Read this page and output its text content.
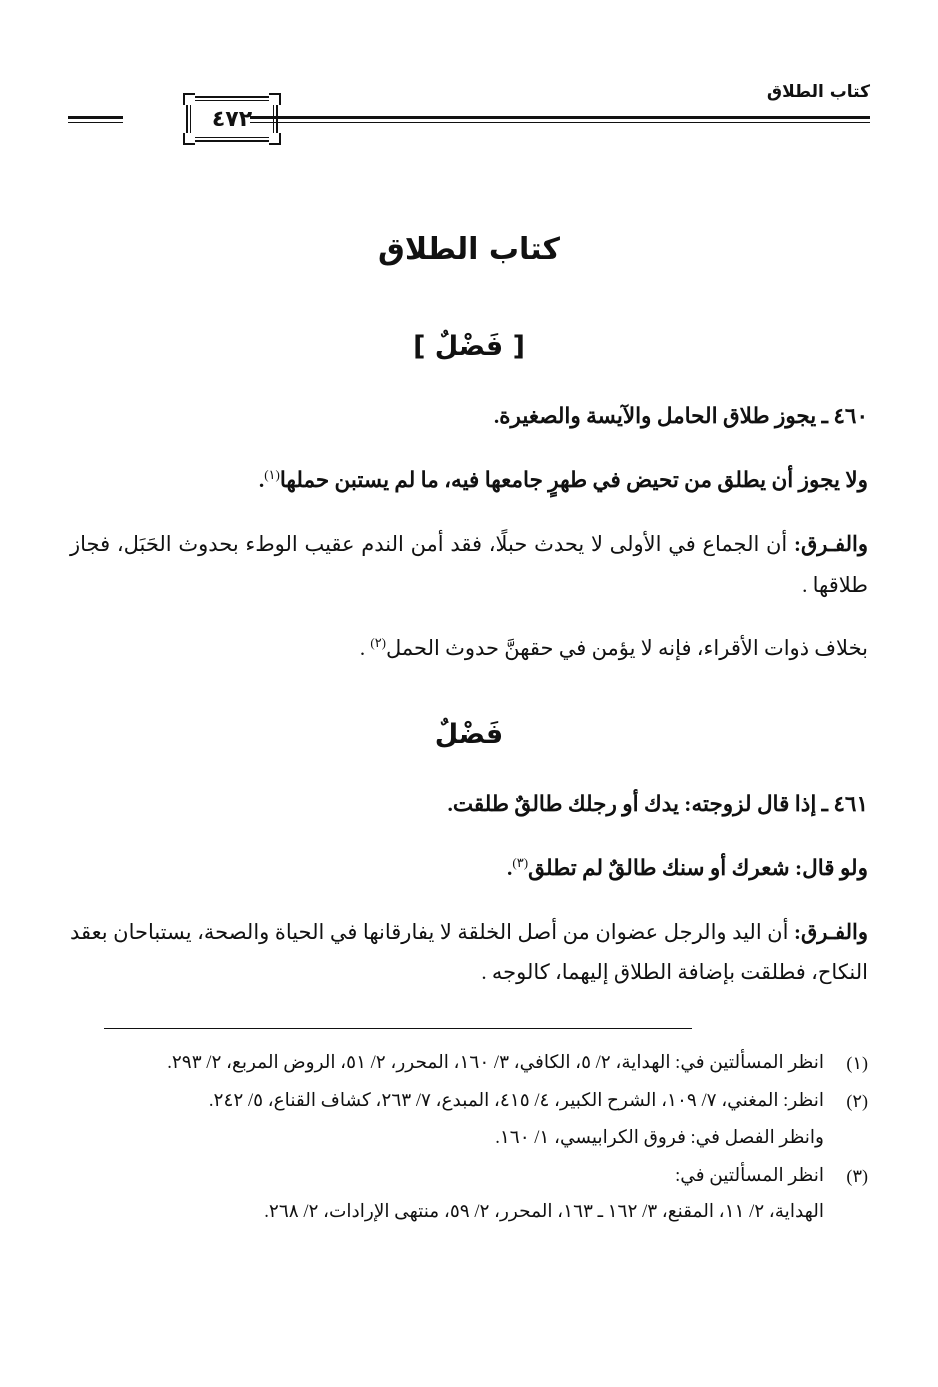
كتاب الطلاق
٤٧٢
كتاب الطلاق
[ فَضْلٌ ]

٤٦٠ ـ يجوز طلاق الحامل والآيسة والصغيرة.

ولا يجوز أن يطلق من تحيض في طهرٍ جامعها فيه، ما لم يستبن حملها$^{(١)}$.

والفـرق: أن الجماع في الأولى لا يحدث حبلًا، فقد أمن الندم عقيب الوطء بحدوث الحَبَل، فجاز طلاقها .

بخلاف ذوات الأقراء، فإنه لا يؤمن في حقهنَّ حدوث الحمل$^{(٢)}$ .

فَضْلٌ

٤٦١ ـ إذا قال لزوجته: يدك أو رجلك طالقٌ طلقت.

ولو قال: شعرك أو سنك طالقٌ لم تطلق$^{(٣)}$.

والفـرق: أن اليد والرجل عضوان من أصل الخلقة لا يفارقانها في الحياة والصحة، يستباحان بعقد النكاح، فطلقت بإضافة الطلاق إليهما، كالوجه .

(١)
انظر المسألتين في: الهداية، ٢/ ٥، الكافي، ٣/ ١٦٠، المحرر، ٢/ ٥١، الروض المربع، ٢/ ٢٩٣.
(٢)
انظر: المغني، ٧/ ١٠٩، الشرح الكبير، ٤/ ٤١٥، المبدع، ٧/ ٢٦٣، كشاف القناع، ٥/ ٢٤٢.
وانظر الفصل في: فروق الكرابيسي، ١/ ١٦٠.
(٣)
انظر المسألتين في:
الهداية، ٢/ ١١، المقنع، ٣/ ١٦٢ ـ ١٦٣، المحرر، ٢/ ٥٩، منتهى الإرادات، ٢/ ٢٦٨.
